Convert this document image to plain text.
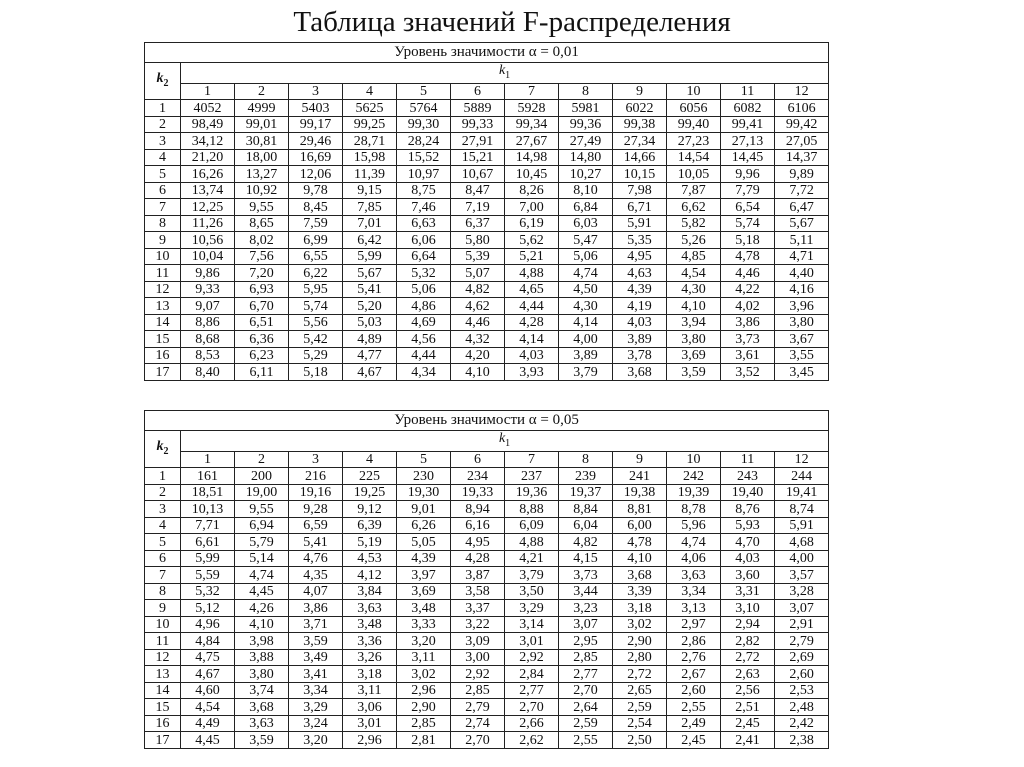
Таблица значений F-распределения
Уровень значимости α = 0,01												
$k_2$	$k_1$
	1	2	3	4	5	6	7	8	9	10	11	12
1	4052	4999	5403	5625	5764	5889	5928	5981	6022	6056	6082	6106
2	98,49	99,01	99,17	99,25	99,30	99,33	99,34	99,36	99,38	99,40	99,41	99,42
3	34,12	30,81	29,46	28,71	28,24	27,91	27,67	27,49	27,34	27,23	27,13	27,05
4	21,20	18,00	16,69	15,98	15,52	15,21	14,98	14,80	14,66	14,54	14,45	14,37
5	16,26	13,27	12,06	11,39	10,97	10,67	10,45	10,27	10,15	10,05	9,96	9,89
6	13,74	10,92	9,78	9,15	8,75	8,47	8,26	8,10	7,98	7,87	7,79	7,72
7	12,25	9,55	8,45	7,85	7,46	7,19	7,00	6,84	6,71	6,62	6,54	6,47
8	11,26	8,65	7,59	7,01	6,63	6,37	6,19	6,03	5,91	5,82	5,74	5,67
9	10,56	8,02	6,99	6,42	6,06	5,80	5,62	5,47	5,35	5,26	5,18	5,11
10	10,04	7,56	6,55	5,99	6,64	5,39	5,21	5,06	4,95	4,85	4,78	4,71
11	9,86	7,20	6,22	5,67	5,32	5,07	4,88	4,74	4,63	4,54	4,46	4,40
12	9,33	6,93	5,95	5,41	5,06	4,82	4,65	4,50	4,39	4,30	4,22	4,16
13	9,07	6,70	5,74	5,20	4,86	4,62	4,44	4,30	4,19	4,10	4,02	3,96
14	8,86	6,51	5,56	5,03	4,69	4,46	4,28	4,14	4,03	3,94	3,86	3,80
15	8,68	6,36	5,42	4,89	4,56	4,32	4,14	4,00	3,89	3,80	3,73	3,67
16	8,53	6,23	5,29	4,77	4,44	4,20	4,03	3,89	3,78	3,69	3,61	3,55
17	8,40	6,11	5,18	4,67	4,34	4,10	3,93	3,79	3,68	3,59	3,52	3,45
Уровень значимости α = 0,05												
$k_2$	$k_1$
	1	2	3	4	5	6	7	8	9	10	11	12
1	161	200	216	225	230	234	237	239	241	242	243	244
2	18,51	19,00	19,16	19,25	19,30	19,33	19,36	19,37	19,38	19,39	19,40	19,41
3	10,13	9,55	9,28	9,12	9,01	8,94	8,88	8,84	8,81	8,78	8,76	8,74
4	7,71	6,94	6,59	6,39	6,26	6,16	6,09	6,04	6,00	5,96	5,93	5,91
5	6,61	5,79	5,41	5,19	5,05	4,95	4,88	4,82	4,78	4,74	4,70	4,68
6	5,99	5,14	4,76	4,53	4,39	4,28	4,21	4,15	4,10	4,06	4,03	4,00
7	5,59	4,74	4,35	4,12	3,97	3,87	3,79	3,73	3,68	3,63	3,60	3,57
8	5,32	4,45	4,07	3,84	3,69	3,58	3,50	3,44	3,39	3,34	3,31	3,28
9	5,12	4,26	3,86	3,63	3,48	3,37	3,29	3,23	3,18	3,13	3,10	3,07
10	4,96	4,10	3,71	3,48	3,33	3,22	3,14	3,07	3,02	2,97	2,94	2,91
11	4,84	3,98	3,59	3,36	3,20	3,09	3,01	2,95	2,90	2,86	2,82	2,79
12	4,75	3,88	3,49	3,26	3,11	3,00	2,92	2,85	2,80	2,76	2,72	2,69
13	4,67	3,80	3,41	3,18	3,02	2,92	2,84	2,77	2,72	2,67	2,63	2,60
14	4,60	3,74	3,34	3,11	2,96	2,85	2,77	2,70	2,65	2,60	2,56	2,53
15	4,54	3,68	3,29	3,06	2,90	2,79	2,70	2,64	2,59	2,55	2,51	2,48
16	4,49	3,63	3,24	3,01	2,85	2,74	2,66	2,59	2,54	2,49	2,45	2,42
17	4,45	3,59	3,20	2,96	2,81	2,70	2,62	2,55	2,50	2,45	2,41	2,38
